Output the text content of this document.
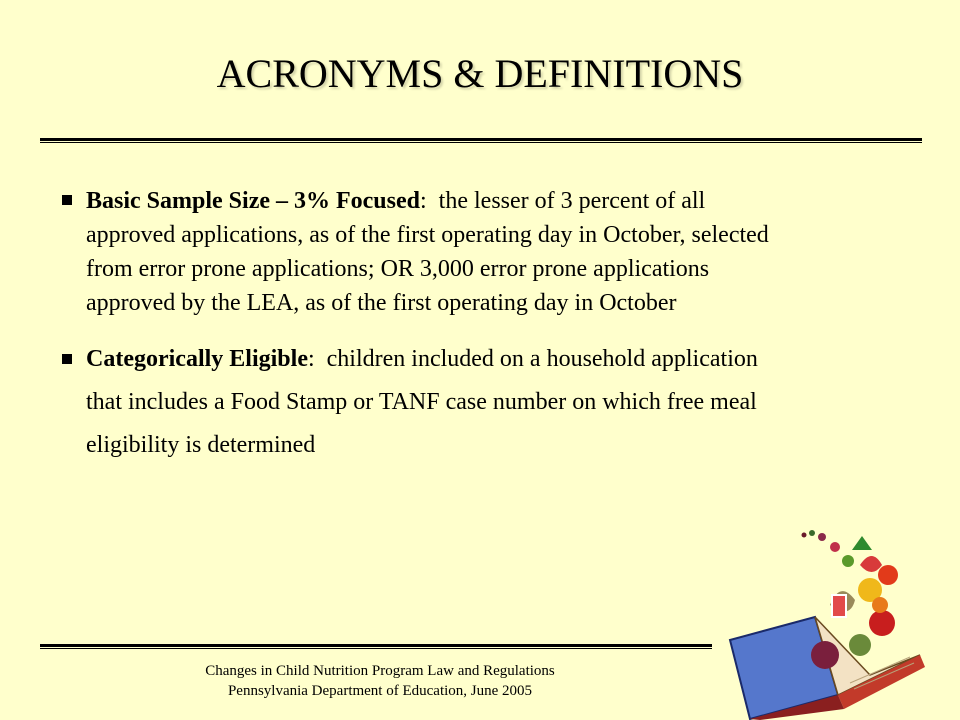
ACRONYMS & DEFINITIONS
Basic Sample Size – 3% Focused: the lesser of 3 percent of all approved applications, as of the first operating day in October, selected from error prone applications; OR 3,000 error prone applications approved by the LEA, as of the first operating day in October
Categorically Eligible: children included on a household application that includes a Food Stamp or TANF case number on which free meal eligibility is determined
Changes in Child Nutrition Program Law and Regulations
Pennsylvania Department of Education, June 2005
